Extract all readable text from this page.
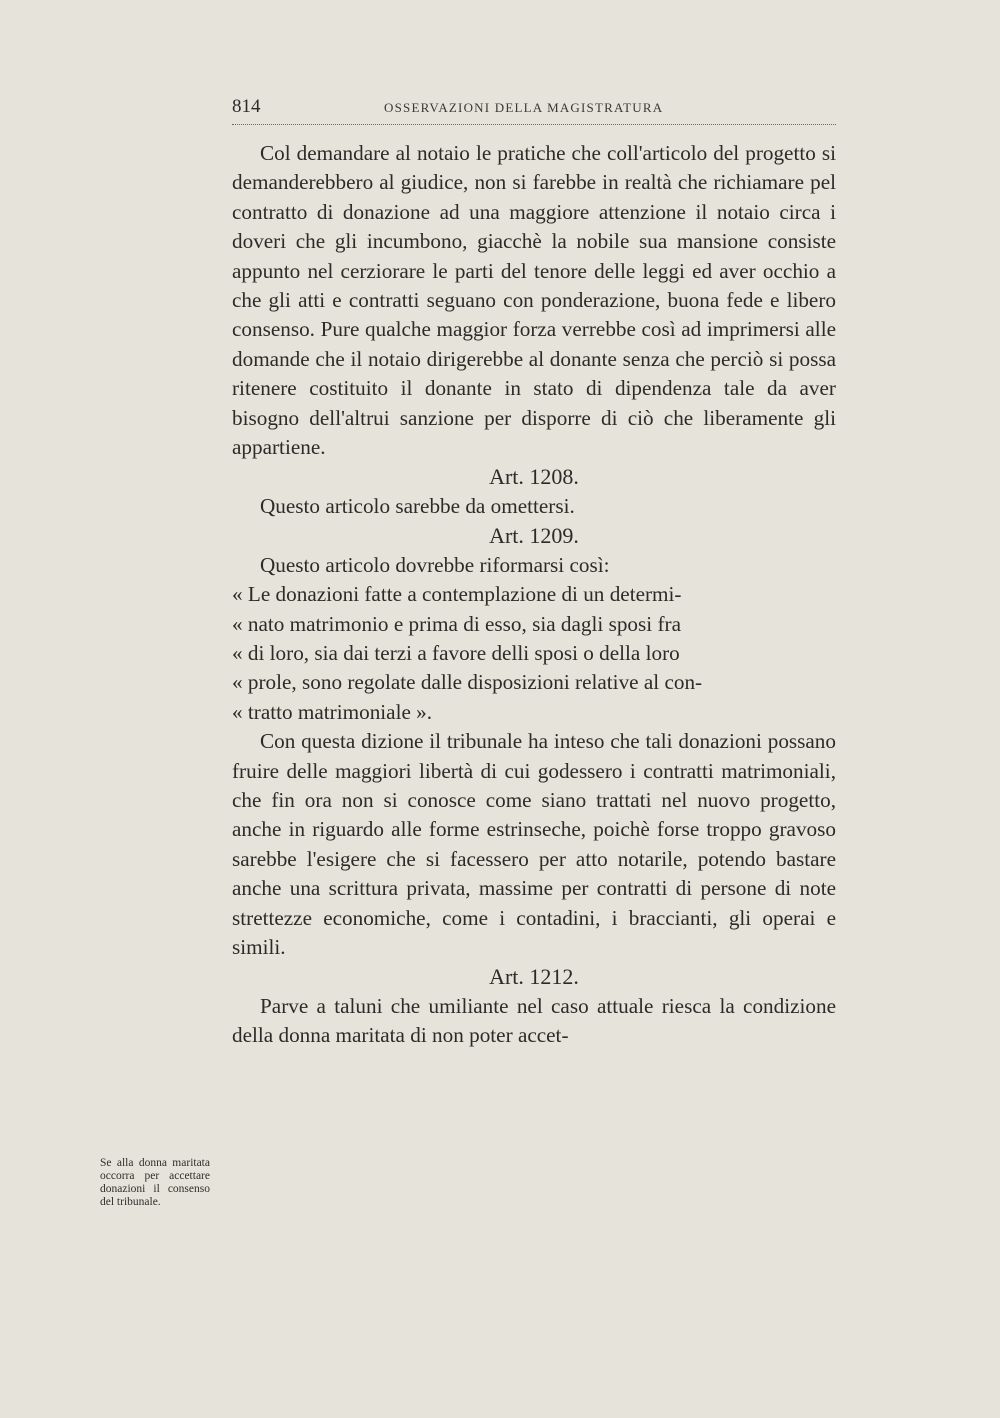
814	OSSERVAZIONI DELLA MAGISTRATURA

Col demandare al notaio le pratiche che coll'articolo del progetto si demanderebbero al giudice, non si farebbe in realtà che richiamare pel contratto di donazione ad una maggiore attenzione il notaio circa i doveri che gli incumbono, giacchè la nobile sua mansione consiste appunto nel cerziorare le parti del tenore delle leggi ed aver occhio a che gli atti e contratti seguano con ponderazione, buona fede e libero consenso. Pure qualche maggior forza verrebbe così ad imprimersi alle domande che il notaio dirigerebbe al donante senza che perciò si possa ritenere costituito il donante in stato di dipendenza tale da aver bisogno dell'altrui sanzione per disporre di ciò che liberamente gli appartiene.

Art. 1208.

Questo articolo sarebbe da omettersi.

Art. 1209.

Questo articolo dovrebbe riformarsi così:

« Le donazioni fatte a contemplazione di un determi-
« nato matrimonio e prima di esso, sia dagli sposi fra
« di loro, sia dai terzi a favore delli sposi o della loro
« prole, sono regolate dalle disposizioni relative al con-
« tratto matrimoniale ».

Con questa dizione il tribunale ha inteso che tali donazioni possano fruire delle maggiori libertà di cui godessero i contratti matrimoniali, che fin ora non si conosce come siano trattati nel nuovo progetto, anche in riguardo alle forme estrinseche, poichè forse troppo gravoso sarebbe l'esigere che si facessero per atto notarile, potendo bastare anche una scrittura privata, massime per contratti di persone di note strettezze economiche, come i contadini, i braccianti, gli operai e simili.

Art. 1212.

Parve a taluni che umiliante nel caso attuale riesca la condizione della donna maritata di non poter accet-

Se alla donna maritata occorra per accettare donazioni il consenso del tribunale.
